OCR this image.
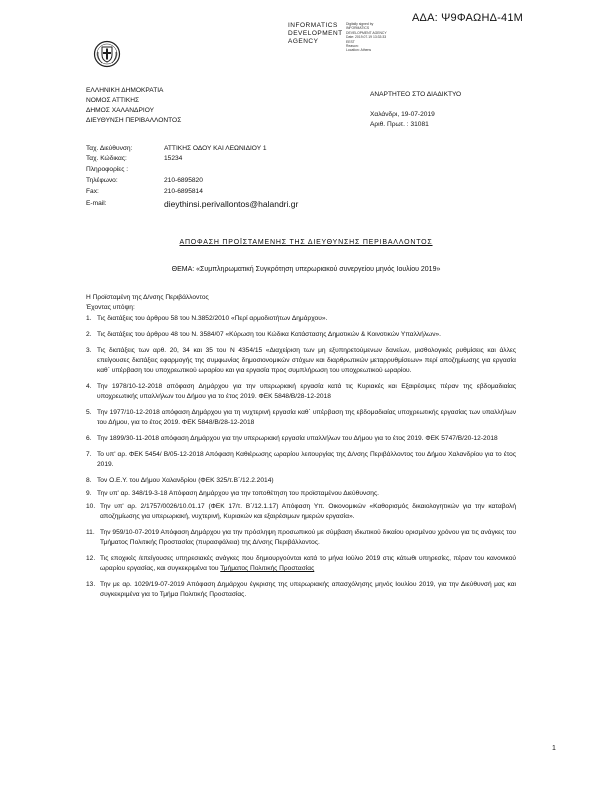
ΑΔΑ: Ψ9ΦΑΩΗΔ-41Μ
INFORMATICS
DEVELOPMENT
AGENCY
Digitally signed by
INFORMATICS
DEVELOPMENT AGENCY
Date: 2019.07.19 13:33:33
EEST
Reason:
Location: Athens
ΕΛΛΗΝΙΚΗ ΔΗΜΟΚΡΑΤΙΑ
ΝΟΜΟΣ ΑΤΤΙΚΗΣ
ΔΗΜΟΣ ΧΑΛΑΝΔΡΙΟΥ
ΔΙΕΥΘΥΝΣΗ ΠΕΡΙΒΑΛΛΟΝΤΟΣ
ΑΝΑΡΤΗΤΕΟ ΣΤΟ ΔΙΑΔΙΚΤΥΟ
Χαλάνδρι, 19-07-2019
Αριθ. Πρωτ. : 31081
Ταχ. Διεύθυνση:	ΑΤΤΙΚΗΣ ΟΔΟΥ ΚΑΙ ΛΕΩΝΙΔΙΟΥ 1
Ταχ. Κώδικας:	15234
Πληροφορίες :
Τηλέφωνο:	210-6895820
Fax:	210-6895814
E-mail:	dieythinsi.perivallontos@halandri.gr
ΑΠΟΦΑΣΗ ΠΡΟΪΣΤΑΜΕΝΗΣ ΤΗΣ ΔΙΕΥΘΥΝΣΗΣ ΠΕΡΙΒΑΛΛΟΝΤΟΣ
ΘΕΜΑ: «Συμπληρωματική Συγκρότηση υπερωριακού συνεργείου μηνός Ιουλίου 2019»
Η Προϊσταμένη της Δ/νσης Περιβάλλοντος
Έχοντας υπόψη:
1. Τις διατάξεις του άρθρου 58 του Ν.3852/2010 «Περί αρμοδιοτήτων Δημάρχου».
2. Τις διατάξεις του άρθρου 48 του Ν. 3584/07 «Κύρωση του Κώδικα Κατάστασης Δημοτικών & Κοινοτικών Υπαλλήλων».
3. Τις διατάξεις των αρθ. 20, 34 και 35 του Ν 4354/15 «Διαχείριση των μη εξυπηρετούμενων δανείων, μισθολογικές ρυθμίσεις και άλλες επείγουσες διατάξεις εφαρμογής της συμφωνίας δημοσιονομικών στόχων και διαρθρωτικών μεταρρυθμίσεων» περί αποζημίωσης για εργασία καθ΄ υπέρβαση του υποχρεωτικού ωραρίου και για εργασία προς συμπλήρωση του υποχρεωτικού ωραρίου.
4. Την 1978/10-12-2018 απόφαση Δημάρχου για την υπερωριακή εργασία κατά τις Κυριακές και Εξαιρέσιμες πέραν της εβδομαδιαίας υποχρεωτικής υπαλλήλων του Δήμου για το έτος 2019. ΦΕΚ 5848/Β/28-12-2018
5. Την 1977/10-12-2018 απόφαση Δημάρχου για τη νυχτερινή εργασία καθ΄ υπέρβαση της εβδομαδιαίας υποχρεωτικής εργασίας των υπαλλήλων του Δήμου, για το έτος 2019. ΦΕΚ 5848/Β/28-12-2018
6. Την 1899/30-11-2018 απόφαση Δημάρχου για την υπερωριακή εργασία υπαλλήλων του Δήμου για το έτος 2019. ΦΕΚ 5747/Β/20-12-2018
7. Το υπ' αρ. ΦΕΚ 5454/ Β/05-12-2018 Απόφαση Καθιέρωσης ωραρίου λειτουργίας της Δ/νσης Περιβάλλοντος του Δήμου Χαλανδρίου για το έτος 2019.
8. Τον Ο.Ε.Υ. του Δήμου Χαλανδρίου (ΦΕΚ 325/τ.Β΄/12.2.2014)
9. Την υπ' αρ. 348/19-3-18 Απόφαση Δημάρχου για την τοποθέτηση του προϊσταμένου Διεύθυνσης.
10. Την υπ' αρ. 2/1757/0026/10.01.17 (ΦΕΚ 17/τ. Β΄/12.1.17) Απόφαση Υπ. Οικονομικών «Καθορισμός δικαιολογητικών για την καταβολή αποζημίωσης για υπερωριακή, νυχτερινή, Κυριακών και εξαιρέσιμων ημερών εργασία».
11. Την 959/10-07-2019 Απόφαση Δημάρχου για την πρόσληψη προσωπικού με σύμβαση ιδιωτικού δικαίου ορισμένου χρόνου για τις ανάγκες του Τμήματος Πολιτικής Προστασίας (πυρασφάλεια) της Δ/νσης Περιβάλλοντος.
12. Τις εποχικές /επείγουσες υπηρεσιακές ανάγκες που δημιουργούνται κατά το μήνα Ιούλιο 2019 στις κάτωθι υπηρεσίες, πέραν του κανονικού ωραρίου εργασίας, και συγκεκριμένα του Τμήματος Πολιτικής Προστασίας
13. Την με αρ. 1029/19-07-2019 Απόφαση Δημάρχου έγκρισης της υπερωριακής απασχόλησης μηνός Ιουλίου 2019, για την Διεύθυνσή μας και συγκεκριμένα για το Τμήμα Πολιτικής Προστασίας.
1
